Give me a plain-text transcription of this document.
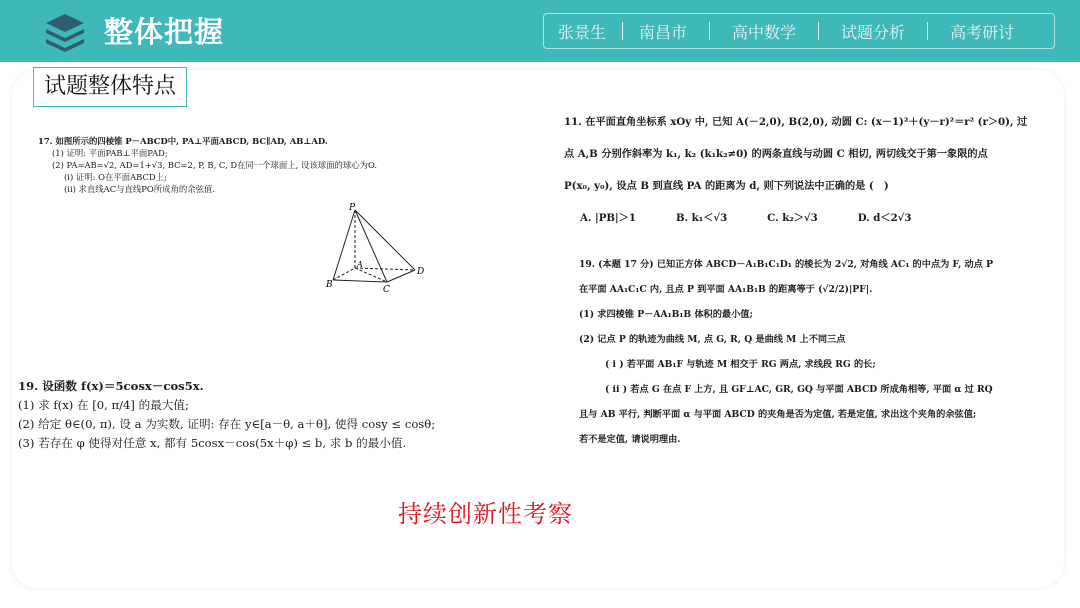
整体把握	张景生 南昌市	高中数学	试题分析	高考研讨
试题整体特点
17. 如图所示的四棱锥 P－ABCD中, PA⊥平面ABCD, BC∥AD, AB⊥AD.
(1) 证明: 平面PAB⊥平面PAD;
(2) PA=AB=√2, AD=1+√3, BC=2, P, B, C, D在同一个球面上, 设该球面的球心为O.
(i) 证明: O在平面ABCD上;
(ii) 求直线AC与直线PO所成角的余弦值.
P
A
B	C
D
19. 设函数 f(x)＝5cosx－cos5x.
(1) 求 f(x) 在 [0, π/4] 的最大值;
(2) 给定 θ∈(0, π), 设 a 为实数, 证明: 存在 y∈[a－θ, a＋θ], 使得 cosy ≤ cosθ;
(3) 若存在 φ 使得对任意 x, 都有 5cosx－cos(5x＋φ) ≤ b, 求 b 的最小值.
11. 在平面直角坐标系 xOy 中, 已知 A(－2,0), B(2,0), 动圆 C: (x－1)²＋(y－r)²＝r² (r＞0), 过
点 A,B 分别作斜率为 k₁, k₂ (k₁k₂≠0) 的两条直线与动圆 C 相切, 两切线交于第一象限的点
P(x₀, y₀), 设点 B 到直线 PA 的距离为 d, 则下列说法中正确的是 (　)
A. |PB|＞1	B. k₁＜√3	C. k₂＞√3	D. d＜2√3
19. (本题 17 分) 已知正方体 ABCD－A₁B₁C₁D₁ 的棱长为 2√2, 对角线 AC₁ 的中点为 F, 动点 P
在平面 AA₁C₁C 内, 且点 P 到平面 AA₁B₁B 的距离等于 (√2/2)|PF|.
(1) 求四棱锥 P－AA₁B₁B 体积的最小值;
(2) 记点 P 的轨迹为曲线 M, 点 G, R, Q 是曲线 M 上不同三点
( i ) 若平面 AB₁F 与轨迹 M 相交于 RG 两点, 求线段 RG 的长;
( ii ) 若点 G 在点 F 上方, 且 GF⊥AC, GR, GQ 与平面 ABCD 所成角相等, 平面 α 过 RQ
且与 AB 平行, 判断平面 α 与平面 ABCD 的夹角是否为定值, 若是定值, 求出这个夹角的余弦值;
若不是定值, 请说明理由.
持续创新性考察
